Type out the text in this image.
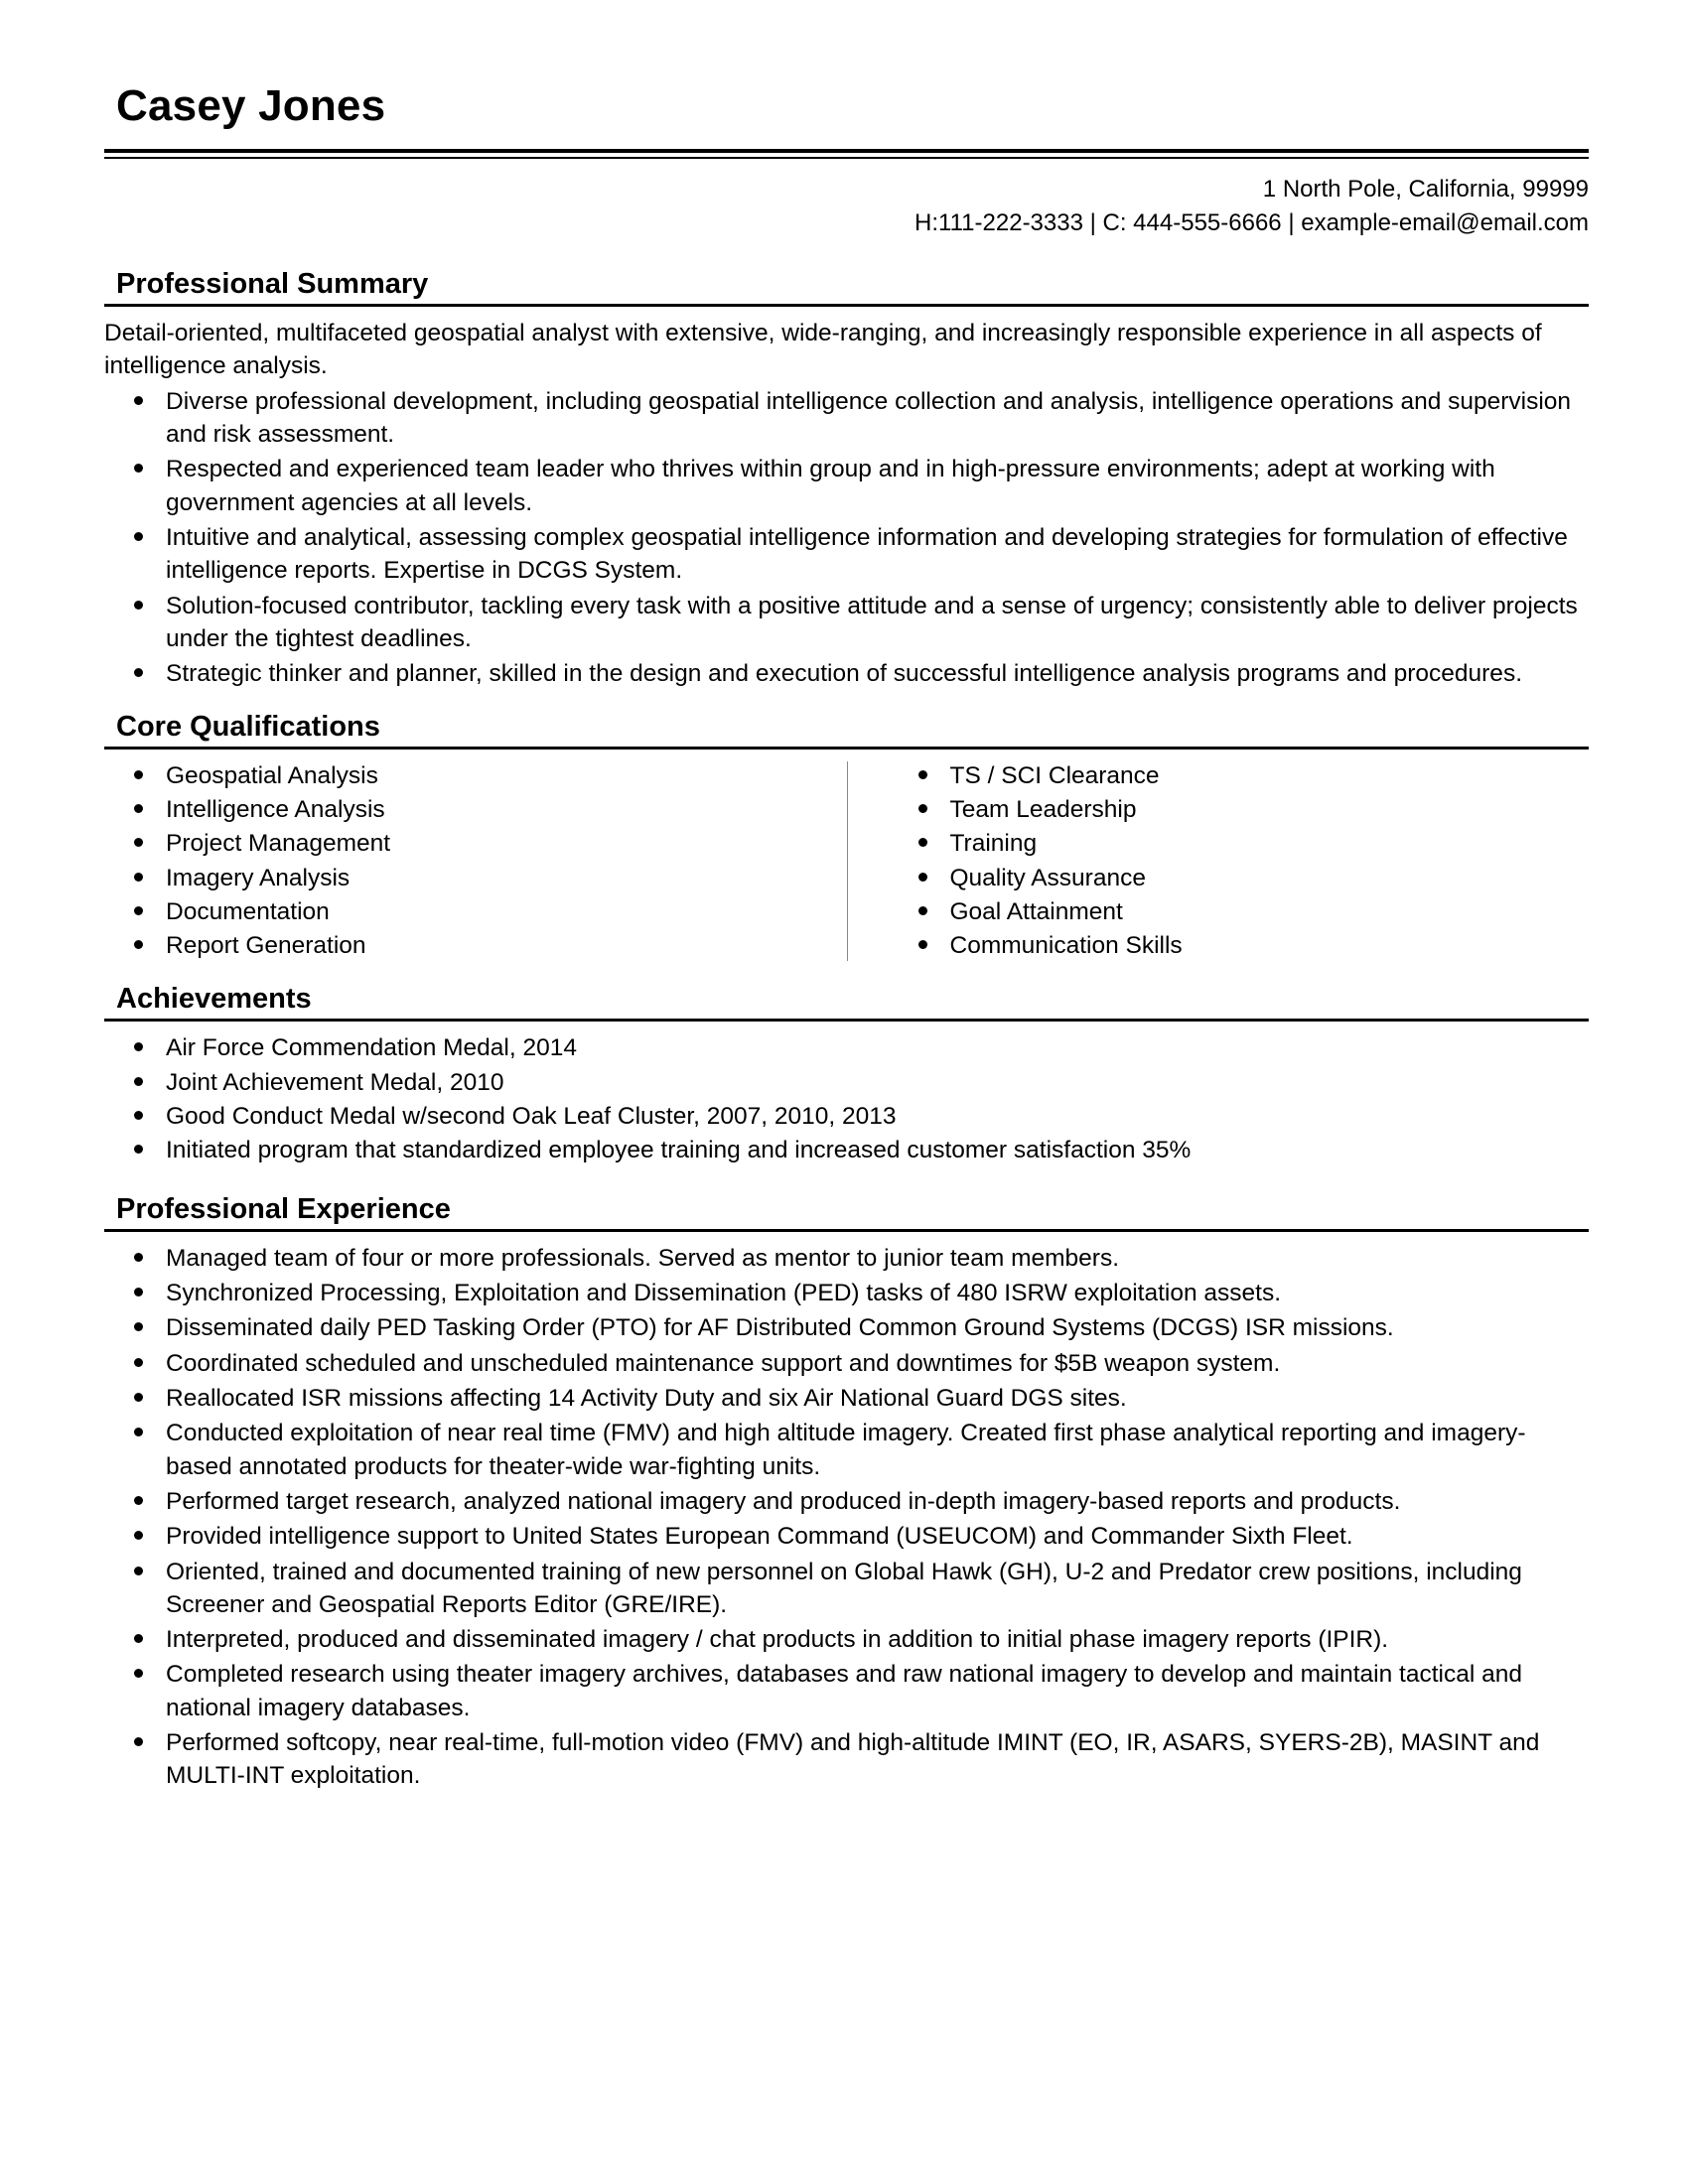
Casey Jones
1 North Pole, California, 99999
H:111-222-3333 | C: 444-555-6666 | example-email@email.com
Professional Summary

Detail-oriented, multifaceted geospatial analyst with extensive, wide-ranging, and increasingly responsible experience in all aspects of intelligence analysis.

Diverse professional development, including geospatial intelligence collection and analysis, intelligence operations and supervision and risk assessment.
Respected and experienced team leader who thrives within group and in high-pressure environments; adept at working with government agencies at all levels.
Intuitive and analytical, assessing complex geospatial intelligence information and developing strategies for formulation of effective intelligence reports. Expertise in DCGS System.
Solution-focused contributor, tackling every task with a positive attitude and a sense of urgency; consistently able to deliver projects under the tightest deadlines.
Strategic thinker and planner, skilled in the design and execution of successful intelligence analysis programs and procedures.
Core Qualifications
Geospatial Analysis
Intelligence Analysis
Project Management
Imagery Analysis
Documentation
Report Generation
TS / SCI Clearance
Team Leadership
Training
Quality Assurance
Goal Attainment
Communication Skills
Achievements
Air Force Commendation Medal, 2014
Joint Achievement Medal, 2010
Good Conduct Medal w/second Oak Leaf Cluster, 2007, 2010, 2013
Initiated program that standardized employee training and increased customer satisfaction 35%
Professional Experience
Managed team of four or more professionals. Served as mentor to junior team members.
Synchronized Processing, Exploitation and Dissemination (PED) tasks of 480 ISRW exploitation assets.
Disseminated daily PED Tasking Order (PTO) for AF Distributed Common Ground Systems (DCGS) ISR missions.
Coordinated scheduled and unscheduled maintenance support and downtimes for $5B weapon system.
Reallocated ISR missions affecting 14 Activity Duty and six Air National Guard DGS sites.
Conducted exploitation of near real time (FMV) and high altitude imagery. Created first phase analytical reporting and imagery-based annotated products for theater-wide war-fighting units.
Performed target research, analyzed national imagery and produced in-depth imagery-based reports and products.
Provided intelligence support to United States European Command (USEUCOM) and Commander Sixth Fleet.
Oriented, trained and documented training of new personnel on Global Hawk (GH), U-2 and Predator crew positions, including Screener and Geospatial Reports Editor (GRE/IRE).
Interpreted, produced and disseminated imagery / chat products in addition to initial phase imagery reports (IPIR).
Completed research using theater imagery archives, databases and raw national imagery to develop and maintain tactical and national imagery databases.
Performed softcopy, near real-time, full-motion video (FMV) and high-altitude IMINT (EO, IR, ASARS, SYERS-2B), MASINT and MULTI-INT exploitation.
